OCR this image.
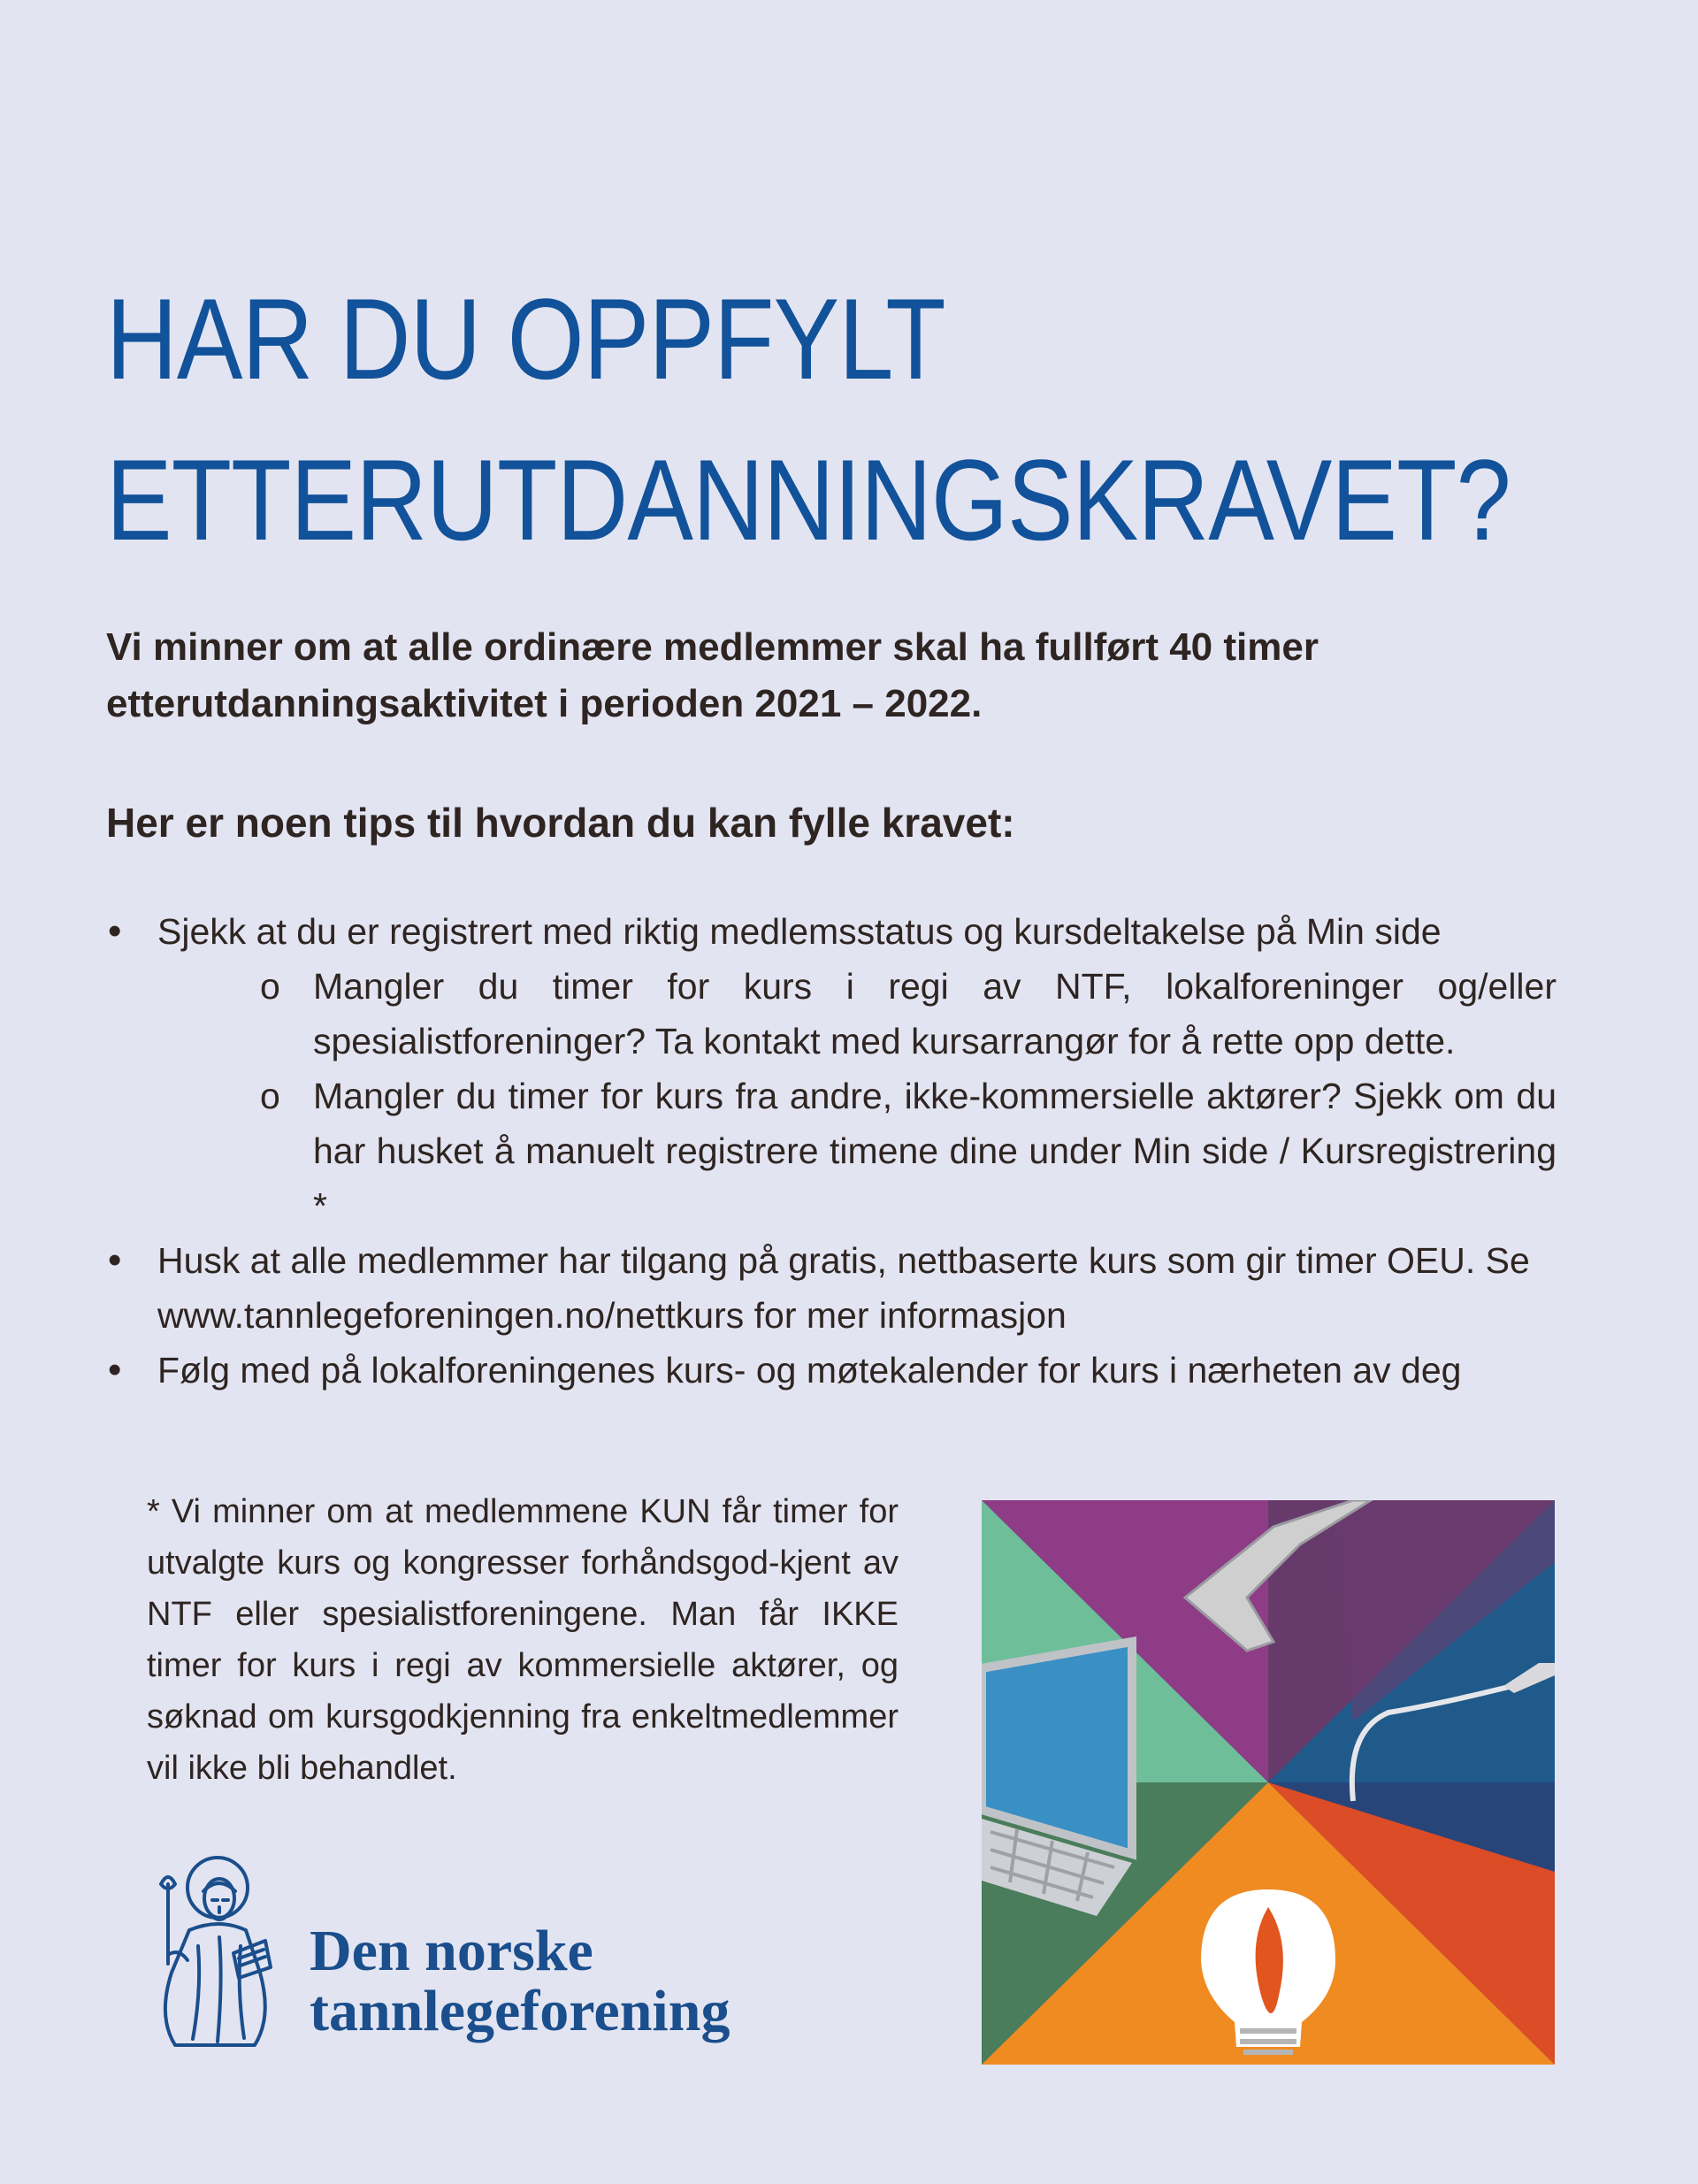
HAR DU OPPFYLT
ETTERUTDANNINGSKRAVET?

Vi minner om at alle ordinære medlemmer skal ha fullført 40 timer etterutdanningsaktivitet i perioden 2021 – 2022.

Her er noen tips til hvordan du kan fylle kravet:

• Sjekk at du er registrert med riktig medlemsstatus og kursdeltakelse på Min side
o Mangler du timer for kurs i regi av NTF, lokalforeninger og/eller spesialistforeninger? Ta kontakt med kursarrangør for å rette opp dette.
o Mangler du timer for kurs fra andre, ikke-kommersielle aktører? Sjekk om du har husket å manuelt registrere timene dine under Min side / Kursregistrering *
• Husk at alle medlemmer har tilgang på gratis, nettbaserte kurs som gir timer OEU. Se www.tannlegeforeningen.no/nettkurs for mer informasjon
• Følg med på lokalforeningenes kurs- og møtekalender for kurs i nærheten av deg

* Vi minner om at medlemmene KUN får timer for utvalgte kurs og kongresser forhåndsgod-kjent av NTF eller spesialistforeningene. Man får IKKE timer for kurs i regi av kommersielle aktører, og søknad om kursgodkjenning fra enkeltmedlemmer vil ikke bli behandlet.

Den norske
tannlegeforening
